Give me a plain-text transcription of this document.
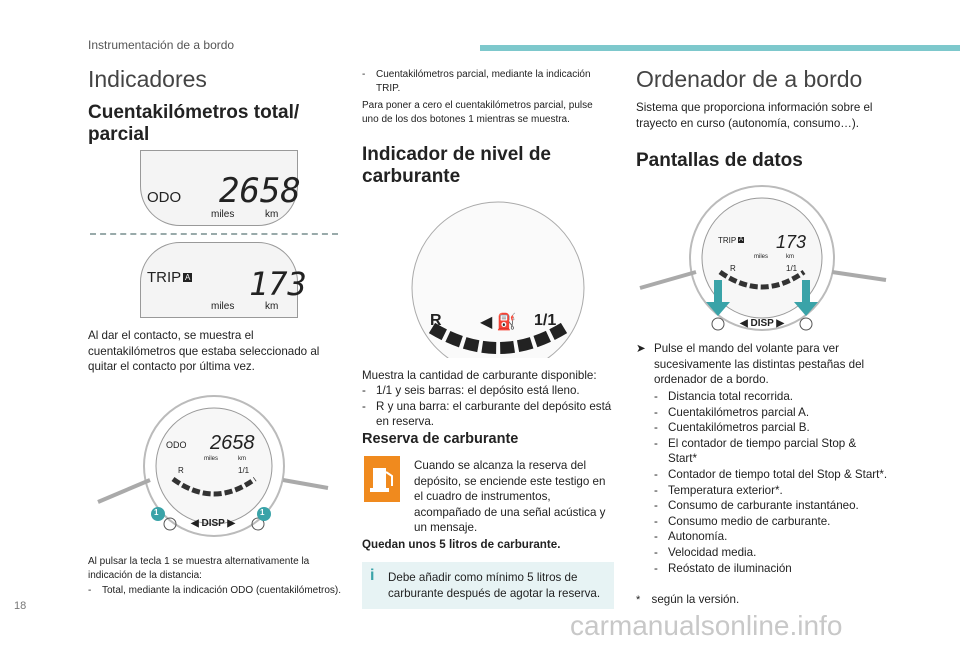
Instrumentación de a bordo
Indicadores
Cuentakilómetros total/
parcial
ODO 2658
miles	km
TRIP A 173
miles	km
Al dar el contacto, se muestra el cuentakilómetros que estaba seleccionado al quitar el contacto por última vez.
ODO 2658
miles	km
R	1/1
1	1
◀ DISP ▶
Al pulsar la tecla 1 se muestra alternativamente la indicación de la distancia:
- Total, mediante la indicación ODO (cuentakilómetros).
- Cuentakilómetros parcial, mediante la indicación TRIP.
Para poner a cero el cuentakilómetros parcial, pulse uno de los dos botones 1 mientras se muestra.
Indicador de nivel de
carburante
R ◀ ⛽ 1/1
Muestra la cantidad de carburante disponible:
- 1/1 y seis barras: el depósito está lleno.
- R y una barra: el carburante del depósito está en reserva.
Reserva de carburante
Cuando se alcanza la reserva del depósito, se enciende este testigo en el cuadro de instrumentos, acompañado de una señal acústica y un mensaje.
Quedan unos 5 litros de carburante.
i Debe añadir como mínimo 5 litros de carburante después de agotar la reserva.
Ordenador de a bordo
Sistema que proporciona información sobre el trayecto en curso (autonomía, consumo…).
Pantallas de datos
TRIP A 173
miles	km
R	1/1
◀ DISP ▶
➤ Pulse el mando del volante para ver sucesivamente las distintas pestañas del ordenador de a bordo.
- Distancia total recorrida.
- Cuentakilómetros parcial A.
- Cuentakilómetros parcial B.
- El contador de tiempo parcial Stop & Start*
- Contador de tiempo total del Stop & Start*.
- Temperatura exterior*.
- Consumo de carburante instantáneo.
- Consumo medio de carburante.
- Autonomía.
- Velocidad media.
- Reóstato de iluminación
* según la versión.
18
carmanualsonline.info
